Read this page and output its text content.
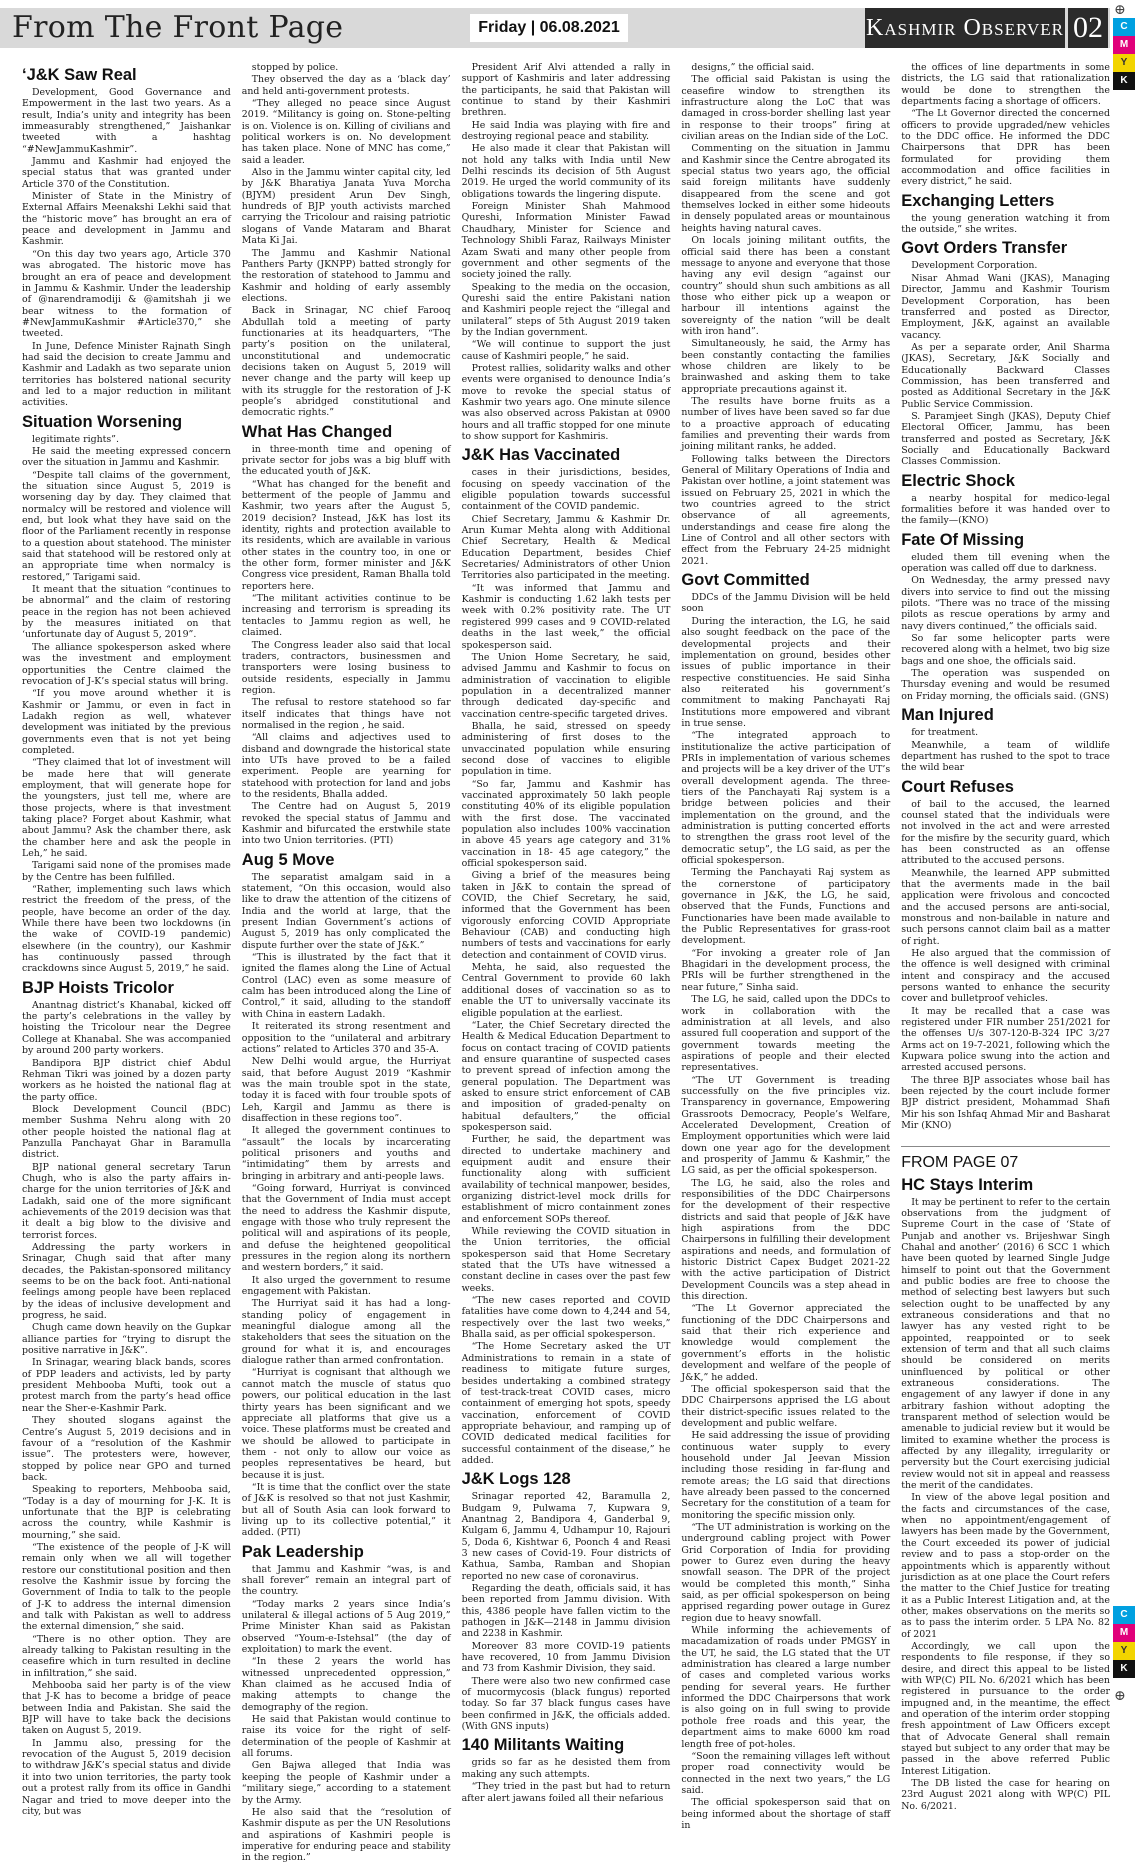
From The Front Page	Friday | 06.08.2021	Kashmir Observer 02
⊕
C
M
Y
K
C
M
Y
K
⊕
‘J&K Saw Real

Development, Good Governance and Empowerment in the last two years. As a result, India’s unity and integrity has been immeasurably strengthened,” Jaishankar tweeted with a hashtag “#NewJammuKashmir”.

Jammu and Kashmir had enjoyed the special status that was granted under Article 370 of the Constitution.

Minister of State in the Ministry of External Affairs Meenakshi Lekhi said that the “historic move” has brought an era of peace and development in Jammu and Kashmir.

“On this day two years ago, Article 370 was abrogated. The historic move has brought an era of peace and development in Jammu & Kashmir. Under the leadership of @narendramodiji & @amitshah ji we bear witness to the formation of #NewJammuKashmir #Article370,” she tweeted.

In June, Defence Minister Rajnath Singh had said the decision to create Jammu and Kashmir and Ladakh as two separate union territories has bolstered national security and led to a major reduction in militant activities.

Situation Worsening

legitimate rights”.

He said the meeting expressed concern over the situation in Jammu and Kashmir.

“Despite tall claims of the government, the situation since August 5, 2019 is worsening day by day. They claimed that normalcy will be restored and violence will end, but look what they have said on the floor of the Parliament recently in response to a question about statehood. The minister said that statehood will be restored only at an appropriate time when normalcy is restored,” Tarigami said.

It meant that the situation “continues to be abnormal” and the claim of restoring peace in the region has not been achieved by the measures initiated on that ‘unfortunate day of August 5, 2019”.

The alliance spokesperson asked where was the investment and employment opportunities the Centre claimed the revocation of J-K’s special status will bring.

“If you move around whether it is Kashmir or Jammu, or even in fact in Ladakh region as well, whatever development was initiated by the previous governments even that is not yet being completed.

“They claimed that lot of investment will be made here that will generate employment, that will generate hope for the youngsters, just tell me, where are those projects, where is that investment taking place? Forget about Kashmir, what about Jammu? Ask the chamber there, ask the chamber here and ask the people in Leh,” he said.

Tarigami said none of the promises made by the Centre has been fulfilled.

“Rather, implementing such laws which restrict the freedom of the press, of the people, have become an order of the day. While there have been two lockdowns (in the wake of COVID-19 pandemic) elsewhere (in the country), our Kashmir has continuously passed through crackdowns since August 5, 2019,” he said.

BJP Hoists Tricolor

Anantnag district’s Khanabal, kicked off the party’s celebrations in the valley by hoisting the Tricolour near the Degree College at Khanabal. She was accompanied by around 200 party workers.

Bandipora BJP district chief Abdul Rehman Tikri was joined by a dozen party workers as he hoisted the national flag at the party office.

Block Development Council (BDC) member Sushma Nehru along with 20 other people hoisted the national flag at Panzulla Panchayat Ghar in Baramulla district.

BJP national general secretary Tarun Chugh, who is also the party affairs in-charge for the union territories of J&K and Ladakh, said one of the more significant achievements of the 2019 decision was that it dealt a big blow to the divisive and terrorist forces.

Addressing the party workers in Srinagar, Chugh said that after many decades, the Pakistan-sponsored militancy seems to be on the back foot. Anti-national feelings among people have been replaced by the ideas of inclusive development and progress, he said.

Chugh came down heavily on the Gupkar alliance parties for “trying to disrupt the positive narrative in J&K”.

In Srinagar, wearing black bands, scores of PDP leaders and activists, led by party president Mehbooba Mufti, took out a protest march from the party’s head office near the Sher-e-Kashmir Park.

They shouted slogans against the Centre’s August 5, 2019 decisions and in favour of a “resolution of the Kashmir issue”. The protesters were, however, stopped by police near GPO and turned back.

Speaking to reporters, Mehbooba said, “Today is a day of mourning for J-K. It is unfortunate that the BJP is celebrating across the country, while Kashmir is mourning,” she said.

“The existence of the people of J-K will remain only when we all will together restore our constitutional position and then resolve the Kashmir issue by forcing the Government of India to talk to the people of J-K to address the internal dimension and talk with Pakistan as well to address the external dimension,” she said.

“There is no other option. They are already talking to Pakistan resulting in the ceasefire which in turn resulted in decline in infiltration,” she said.

Mehbooba said her party is of the view that J-K has to become a bridge of peace between India and Pakistan. She said the BJP will have to take back the decisions taken on August 5, 2019.

In Jammu also, pressing for the revocation of the August 5, 2019 decision to withdraw J&K’s special status and divide it into two union territories, the party took out a protest rally from its office in Gandhi Nagar and tried to move deeper into the city, but was

stopped by police.

They observed the day as a ‘black day’ and held anti-government protests.

“They alleged no peace since August 2019. “Militancy is going on. Stone-pelting is on. Violence is on. Killing of civilians and political workers is on. No development has taken place. None of MNC has come,” said a leader.

Also in the Jammu winter capital city, led by J&K Bharatiya Janata Yuva Morcha (BJYM) president Arun Dev Singh, hundreds of BJP youth activists marched carrying the Tricolour and raising patriotic slogans of Vande Mataram and Bharat Mata Ki Jai.

The Jammu and Kashmir National Panthers Party (JKNPP) batted strongly for the restoration of statehood to Jammu and Kashmir and holding of early assembly elections.

Back in Srinagar, NC chief Farooq Abdullah told a meeting of party functionaries at its headquarters, “The party’s position on the unilateral, unconstitutional and undemocratic decisions taken on August 5, 2019 will never change and the party will keep up with its struggle for the restoration of J-K people’s abridged constitutional and democratic rights.”

What Has Changed

in three-month time and opening of private sector for jobs was a big bluff with the educated youth of J&K.

“What has changed for the benefit and betterment of the people of Jammu and Kashmir, two years after the August 5, 2019 decision? Instead, J&K has lost its identity, rights and protection available to its residents, which are available in various other states in the country too, in one or the other form, former minister and J&K Congress vice president, Raman Bhalla told reporters here.

“The militant activities continue to be increasing and terrorism is spreading its tentacles to Jammu region as well, he claimed.

The Congress leader also said that local traders, contractors, businessmen and transporters were losing business to outside residents, especially in Jammu region.

The refusal to restore statehood so far itself indicates that things have not normalised in the region , he said.

“All claims and adjectives used to disband and downgrade the historical state into UTs have proved to be a failed experiment. People are yearning for statehood with protection for land and jobs to the residents, Bhalla added.

The Centre had on August 5, 2019 revoked the special status of Jammu and Kashmir and bifurcated the erstwhile state into two Union territories. (PTI)

Aug 5 Move

The separatist amalgam said in a statement, “On this occasion, would also like to draw the attention of the citizens of India and the world at large, that the present Indian Government’s actions of August 5, 2019 has only complicated the dispute further over the state of J&K.”

“This is illustrated by the fact that it ignited the flames along the Line of Actual Control (LAC) even as some measure of calm has been introduced along the Line of Control,” it said, alluding to the standoff with China in eastern Ladakh.

It reiterated its strong resentment and opposition to the “unilateral and arbitrary actions” related to Articles 370 and 35-A.

New Delhi would argue, the Hurriyat said, that before August 2019 “Kashmir was the main trouble spot in the state, today it is faced with four trouble spots of Leh, Kargil and Jammu as there is disaffection in these regions too”.

It alleged the government continues to “assault” the locals by incarcerating political prisoners and youths and “intimidating” them by arrests and bringing in arbitrary and anti-people laws.

“Going forward, Hurriyat is convinced that the Government of India must accept the need to address the Kashmir dispute, engage with those who truly represent the political will and aspirations of its people, and defuse the heightened geopolitical pressures in the region along its northern and western borders,” it said.

It also urged the government to resume engagement with Pakistan.

The Hurriyat said it has had a long-standing policy of engagement in meaningful dialogue among all the stakeholders that sees the situation on the ground for what it is, and encourages dialogue rather than armed confrontation.

“Hurriyat is cognisant that although we cannot match the muscle of status quo powers, our political education in the last thirty years has been significant and we appreciate all platforms that give us a voice. These platforms must be created and we should be allowed to participate in them - not only to allow our voice as peoples representatives be heard, but because it is just.

“It is time that the conflict over the state of J&K is resolved so that not just Kashmir, but all of South Asia can look forward to living up to its collective potential,” it added. (PTI)

Pak Leadership

that Jammu and Kashmir “was, is and shall forever” remain an integral part of the country.

“Today marks 2 years since India’s unilateral & illegal actions of 5 Aug 2019,” Prime Minister Khan said as Pakistan observed “Youm-e-Istehsal” (the day of exploitation) to mark the event.

“In these 2 years the world has witnessed unprecedented oppression,” Khan claimed as he accused India of making attempts to change the demography of the region.

He said that Pakistan would continue to raise its voice for the right of self-determination of the people of Kashmir at all forums.

Gen Bajwa alleged that India was keeping the people of Kashmir under a “military siege,” according to a statement by the Army.

He also said that the “resolution of Kashmir dispute as per the UN Resolutions and aspirations of Kashmiri people is imperative for enduring peace and stability in the region.”

President Arif Alvi attended a rally in support of Kashmiris and later addressing the participants, he said that Pakistan will continue to stand by their Kashmiri brethren.

He said India was playing with fire and destroying regional peace and stability.

He also made it clear that Pakistan will not hold any talks with India until New Delhi rescinds its decision of 5th August 2019. He urged the world community of its obligations towards the lingering dispute.

Foreign Minister Shah Mahmood Qureshi, Information Minister Fawad Chaudhary, Minister for Science and Technology Shibli Faraz, Railways Minister Azam Swati and many other people from government and other segments of the society joined the rally.

Speaking to the media on the occasion, Qureshi said the entire Pakistani nation and Kashmiri people reject the “illegal and unilateral” steps of 5th August 2019 taken by the Indian government.

“We will continue to support the just cause of Kashmiri people,” he said.

Protest rallies, solidarity walks and other events were organised to denounce India’s move to revoke the special status of Kashmir two years ago. One minute silence was also observed across Pakistan at 0900 hours and all traffic stopped for one minute to show support for Kashmiris.

J&K Has Vaccinated

cases in their jurisdictions, besides, focusing on speedy vaccination of the eligible population towards successful containment of the COVID pandemic.

Chief Secretary, Jammu & Kashmir Dr. Arun Kumar Mehta along with Additional Chief Secretary, Health & Medical Education Department, besides Chief Secretaries/ Administrators of other Union Territories also participated in the meeting.

“It was informed that Jammu and Kashmir is conducting 1.62 lakh tests per week with 0.2% positivity rate. The UT registered 999 cases and 9 COVID-related deaths in the last week,” the official spokesperson said.

The Union Home Secretary, he said, advised Jammu and Kashmir to focus on administration of vaccination to eligible population in a decentralized manner through dedicated day-specific and vaccination centre-specific targeted drives.

Bhalla, he said, stressed on speedy administering of first doses to the unvaccinated population while ensuring second dose of vaccines to eligible population in time.

“So far, Jammu and Kashmir has vaccinated approximately 50 lakh people constituting 40% of its eligible population with the first dose. The vaccinated population also includes 100% vaccination in above 45 years age category and 31% vaccination in 18- 45 age category,” the official spokesperson said.

Giving a brief of the measures being taken in J&K to contain the spread of COVID, the Chief Secretary, he said, informed that the Government has been vigorously enforcing COVID Appropriate Behaviour (CAB) and conducting high numbers of tests and vaccinations for early detection and containment of COVID virus.

Mehta, he said, also requested the Central Government to provide 60 lakh additional doses of vaccination so as to enable the UT to universally vaccinate its eligible population at the earliest.

“Later, the Chief Secretary directed the Health & Medical Education Department to focus on contact tracing of COVID patients and ensure quarantine of suspected cases to prevent spread of infection among the general population. The Department was asked to ensure strict enforcement of CAB and imposition of graded-penalty on habitual defaulters,” the official spokesperson said.

Further, he said, the department was directed to undertake machinery and equipment audit and ensure their functionality along with sufficient availability of technical manpower, besides, organizing district-level mock drills for establishment of micro containment zones and enforcement SOPs thereof.

While reviewing the COVID situation in the Union territories, the official spokesperson said that Home Secretary stated that the UTs have witnessed a constant decline in cases over the past few weeks.

“The new cases reported and COVID fatalities have come down to 4,244 and 54, respectively over the last two weeks,” Bhalla said, as per official spokesperson.

“The Home Secretary asked the UT Administrations to remain in a state of readiness to mitigate future surges, besides undertaking a combined strategy of test-track-treat COVID cases, micro containment of emerging hot spots, speedy vaccination, enforcement of COVID appropriate behaviour, and ramping up of COVID dedicated medical facilities for successful containment of the disease,” he added.

J&K Logs 128

Srinagar reported 42, Baramulla 2, Budgam 9, Pulwama 7, Kupwara 9, Anantnag 2, Bandipora 4, Ganderbal 9, Kulgam 6, Jammu 4, Udhampur 10, Rajouri 5, Doda 6, Kishtwar 6, Poonch 4 and Reasi 3 new cases of Covid-19. Four districts of Kathua, Samba, Ramban and Shopian reported no new case of coronavirus.

Regarding the death, officials said, it has been reported from Jammu division. With this, 4386 people have fallen victim to the pathogen in J&K—2148 in Jammu division and 2238 in Kashmir.

Moreover 83 more COVID-19 patients have recovered, 10 from Jammu Division and 73 from Kashmir Division, they said.

There were also two new confirmed case of mucormycosis (black fungus) reported today. So far 37 black fungus cases have been confirmed in J&K, the officials added. (With GNS inputs)

140 Militants Waiting

grids so far as he desisted them from making any such attempts.

“They tried in the past but had to return after alert jawans foiled all their nefarious

designs,” the official said.

The official said Pakistan is using the ceasefire window to strengthen its infrastructure along the LoC that was damaged in cross-border shelling last year in response to their troops” firing at civilian areas on the Indian side of the LoC.

Commenting on the situation in Jammu and Kashmir since the Centre abrogated its special status two years ago, the official said foreign militants have suddenly disappeared from the scene and got themselves locked in either some hideouts in densely populated areas or mountainous heights having natural caves.

On locals joining militant outfits, the official said there has been a constant message to anyone and everyone that those having any evil design “against our country” should shun such ambitions as all those who either pick up a weapon or harbour ill intentions against the sovereignty of the nation “will be dealt with iron hand”.

Simultaneously, he said, the Army has been constantly contacting the families whose children are likely to be brainwashed and asking them to take appropriate precautions against it.

The results have borne fruits as a number of lives have been saved so far due to a proactive approach of educating families and preventing their wards from joining militant ranks, he added.

Following talks between the Directors General of Military Operations of India and Pakistan over hotline, a joint statement was issued on February 25, 2021 in which the two countries agreed to the strict observance of all agreements, understandings and cease fire along the Line of Control and all other sectors with effect from the February 24-25 midnight 2021.

Govt Committed

DDCs of the Jammu Division will be held soon

During the interaction, the LG, he said also sought feedback on the pace of the developmental projects and their implementation on ground, besides other issues of public importance in their respective constituencies. He said Sinha also reiterated his government’s commitment to making Panchayati Raj Institutions more empowered and vibrant in true sense.

“The integrated approach to institutionalize the active participation of PRIs in implementation of various schemes and projects will be a key driver of the UT’s overall development agenda. The three-tiers of the Panchayati Raj system is a bridge between policies and their implementation on the ground, and the administration is putting concerted efforts to strengthen the grass root level of the democratic setup”, the LG said, as per the official spokesperson.

Terming the Panchayati Raj system as the cornerstone of participatory governance in J&K, the LG, he said, observed that the Funds, Functions and Functionaries have been made available to the Public Representatives for grass-root development.

“For invoking a greater role of Jan Bhagidari in the development process, the PRIs will be further strengthened in the near future,” Sinha said.

The LG, he said, called upon the DDCs to work in collaboration with the administration at all levels, and also assured full cooperation and support of the government towards meeting the aspirations of people and their elected representatives.

“The UT Government is treading successfully on the five principles viz. Transparency in governance, Empowering Grassroots Democracy, People’s Welfare, Accelerated Development, Creation of Employment opportunities which were laid down one year ago for the development and prosperity of Jammu & Kashmir,” the LG said, as per the official spokesperson.

The LG, he said, also the roles and responsibilities of the DDC Chairpersons for the development of their respective districts and said that people of J&K have high aspirations from the DDC Chairpersons in fulfilling their development aspirations and needs, and formulation of historic District Capex Budget 2021-22 with the active participation of District Development Councils was a step ahead in this direction.

“The Lt Governor appreciated the functioning of the DDC Chairpersons and said that their rich experience and knowledge would complement the government’s efforts in the holistic development and welfare of the people of J&K,” he added.

The official spokesperson said that the DDC Chairpersons apprised the LG about their district-specific issues related to the development and public welfare.

He said addressing the issue of providing continuous water supply to every household under Jal Jeevan Mission including those residing in far-flung and remote areas; the LG said that directions have already been passed to the concerned Secretary for the constitution of a team for monitoring the specific mission only.

“The UT administration is working on the underground cabling project with Power Grid Corporation of India for providing power to Gurez even during the heavy snowfall season. The DPR of the project would be completed this month,” Sinha said, as per official spokesperson on being apprised regarding power outage in Gurez region due to heavy snowfall.

While informing the achievements of macadamization of roads under PMGSY in the UT, he said, the LG stated that the UT administration has cleared a large number of cases and completed various works pending for several years. He further informed the DDC Chairpersons that work is also going on in full swing to provide pothole free roads and this year, the department aims to make 6000 km road length free of pot-holes.

“Soon the remaining villages left without proper road connectivity would be connected in the next two years,” the LG said.

The official spokesperson said that on being informed about the shortage of staff in

the offices of line departments in some districts, the LG said that rationalization would be done to strengthen the departments facing a shortage of officers.

“The Lt Governor directed the concerned officers to provide upgraded/new vehicles to the DDC office. He informed the DDC Chairpersons that DPR has been formulated for providing them accommodation and office facilities in every district,” he said.

Exchanging Letters

the young generation watching it from the outside,” she writes.

Govt Orders Transfer

Development Corporation.

Nisar Ahmad Wani (JKAS), Managing Director, Jammu and Kashmir Tourism Development Corporation, has been transferred and posted as Director, Employment, J&K, against an available vacancy.

As per a separate order, Anil Sharma (JKAS), Secretary, J&K Socially and Educationally Backward Classes Commission, has been transferred and posted as Additional Secretary in the J&K Public Service Commission.

S. Paramjeet Singh (JKAS), Deputy Chief Electoral Officer, Jammu, has been transferred and posted as Secretary, J&K Socially and Educationally Backward Classes Commission.

Electric Shock

a nearby hospital for medico-legal formalities before it was handed over to the family—(KNO)

Fate Of Missing

eluded them till evening when the operation was called off due to darkness.

On Wednesday, the army pressed navy divers into service to find out the missing pilots. “There was no trace of the missing pilots as rescue operations by army and navy divers continued,” the officials said.

So far some helicopter parts were recovered along with a helmet, two big size bags and one shoe, the officials said.

The operation was suspended on Thursday evening and would be resumed on Friday morning, the officials said. (GNS)

Man Injured

for treatment.

Meanwhile, a team of wildlife department has rushed to the spot to trace the wild bear

Court Refuses

of bail to the accused, the learned counsel stated that the individuals were not involved in the act and were arrested for the misfire by the security guard, which has been constructed as an offense attributed to the accused persons.

Meanwhile, the learned APP submitted that the averments made in the bail application were frivolous and concocted and the accused persons are anti-social, monstrous and non-bailable in nature and such persons cannot claim bail as a matter of right.

He also argued that the commission of the offence is well designed with criminal intent and conspiracy and the accused persons wanted to enhance the security cover and bulletproof vehicles.

It may be recalled that a case was registered under FIR number 251/2021 for the offenses U/s 307-120-B-324 IPC 3/27 Arms act on 19-7-2021, following which the Kupwara police swung into the action and arrested accused persons.

The three BJP associates whose bail has been rejected by the court include former BJP district president, Mohammad Shafi Mir his son Ishfaq Ahmad Mir and Basharat Mir (KNO)

FROM PAGE 07
HC Stays Interim

It may be pertinent to refer to the certain observations from the judgment of Supreme Court in the case of ‘State of Punjab and another vs. Brijeshwar Singh Chahal and another’ (2016) 6 SCC 1 which have been quoted by learned Single Judge himself to point out that the Government and public bodies are free to choose the method of selecting best lawyers but such selection ought to be unaffected by any extraneous considerations and that no lawyer has any vested right to be appointed, reappointed or to seek extension of term and that all such claims should be considered on merits uninfluenced by political or other extraneous considerations. The engagement of any lawyer if done in any arbitrary fashion without adopting the transparent method of selection would be amenable to judicial review but it would be limited to examine whether the process is affected by any illegality, irregularity or perversity but the Court exercising judicial review would not sit in appeal and reassess the merit of the candidates.

In view of the above legal position and the facts and circumstances of the case, when no appointment/engagement of lawyers has been made by the Government, the Court exceeded its power of judicial review and to pass a stop-order on the appointments which is apparently without jurisdiction as at one place the Court refers the matter to the Chief Justice for treating it as a Public Interest Litigation and, at the other, makes observations on the merits so as to pass the interim order. 5 LPA No. 82 of 2021

Accordingly, we call upon the respondents to file response, if they so desire, and direct this appeal to be listed with WP(C) PIL No. 6/2021 which has been registered in pursuance to the order impugned and, in the meantime, the effect and operation of the interim order stopping fresh appointment of Law Officers except that of Advocate General shall remain stayed but subject to any order that may be passed in the above referred Public Interest Litigation.

The DB listed the case for hearing on 23rd August 2021 along with WP(C) PIL No. 6/2021.
